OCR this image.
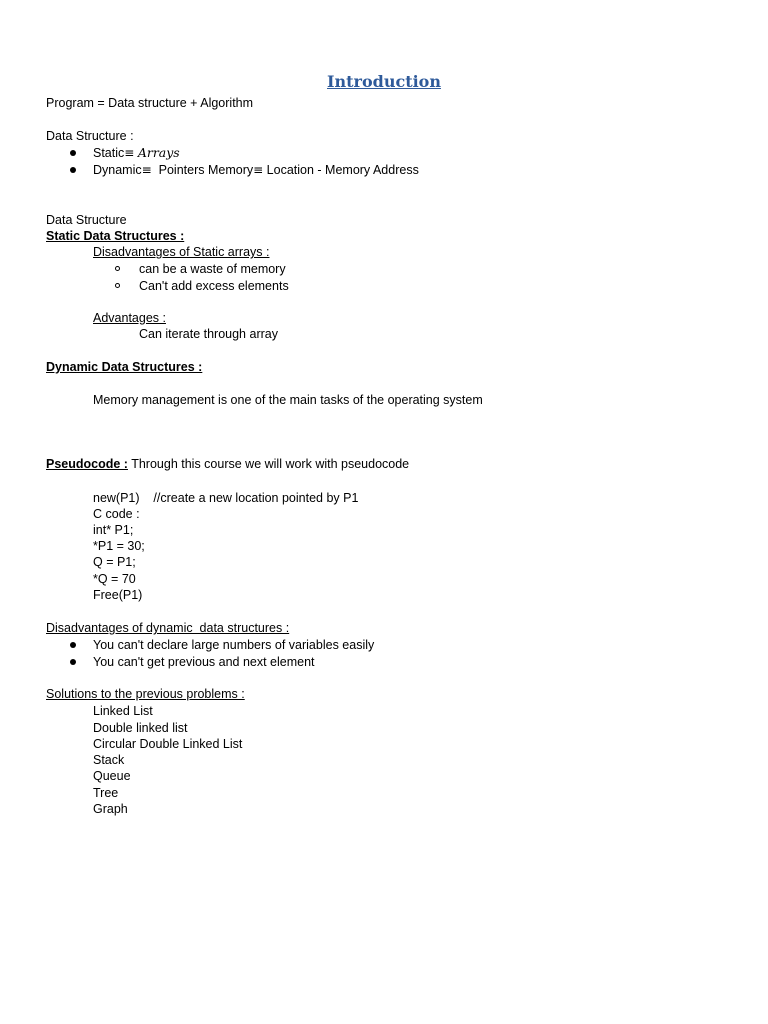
Introduction
Program = Data structure + Algorithm
Data Structure :
Static≡ Arrays
Dynamic≡ Pointers Memory≡ Location - Memory Address
Data Structure
Static Data Structures :
Disadvantages of Static arrays :
can be a waste of memory
Can't add excess elements
Advantages :
Can iterate through array
Dynamic Data Structures :
Memory management is one of the main tasks of the operating system
Pseudocode : Through this course we will work with pseudocode
new(P1)    //create a new location pointed by P1
C code :
int* P1;
*P1 = 30;
Q = P1;
*Q = 70
Free(P1)
Disadvantages of dynamic  data structures :
You can't declare large numbers of variables easily
You can't get previous and next element
Solutions to the previous problems :
Linked List
Double linked list
Circular Double Linked List
Stack
Queue
Tree
Graph
